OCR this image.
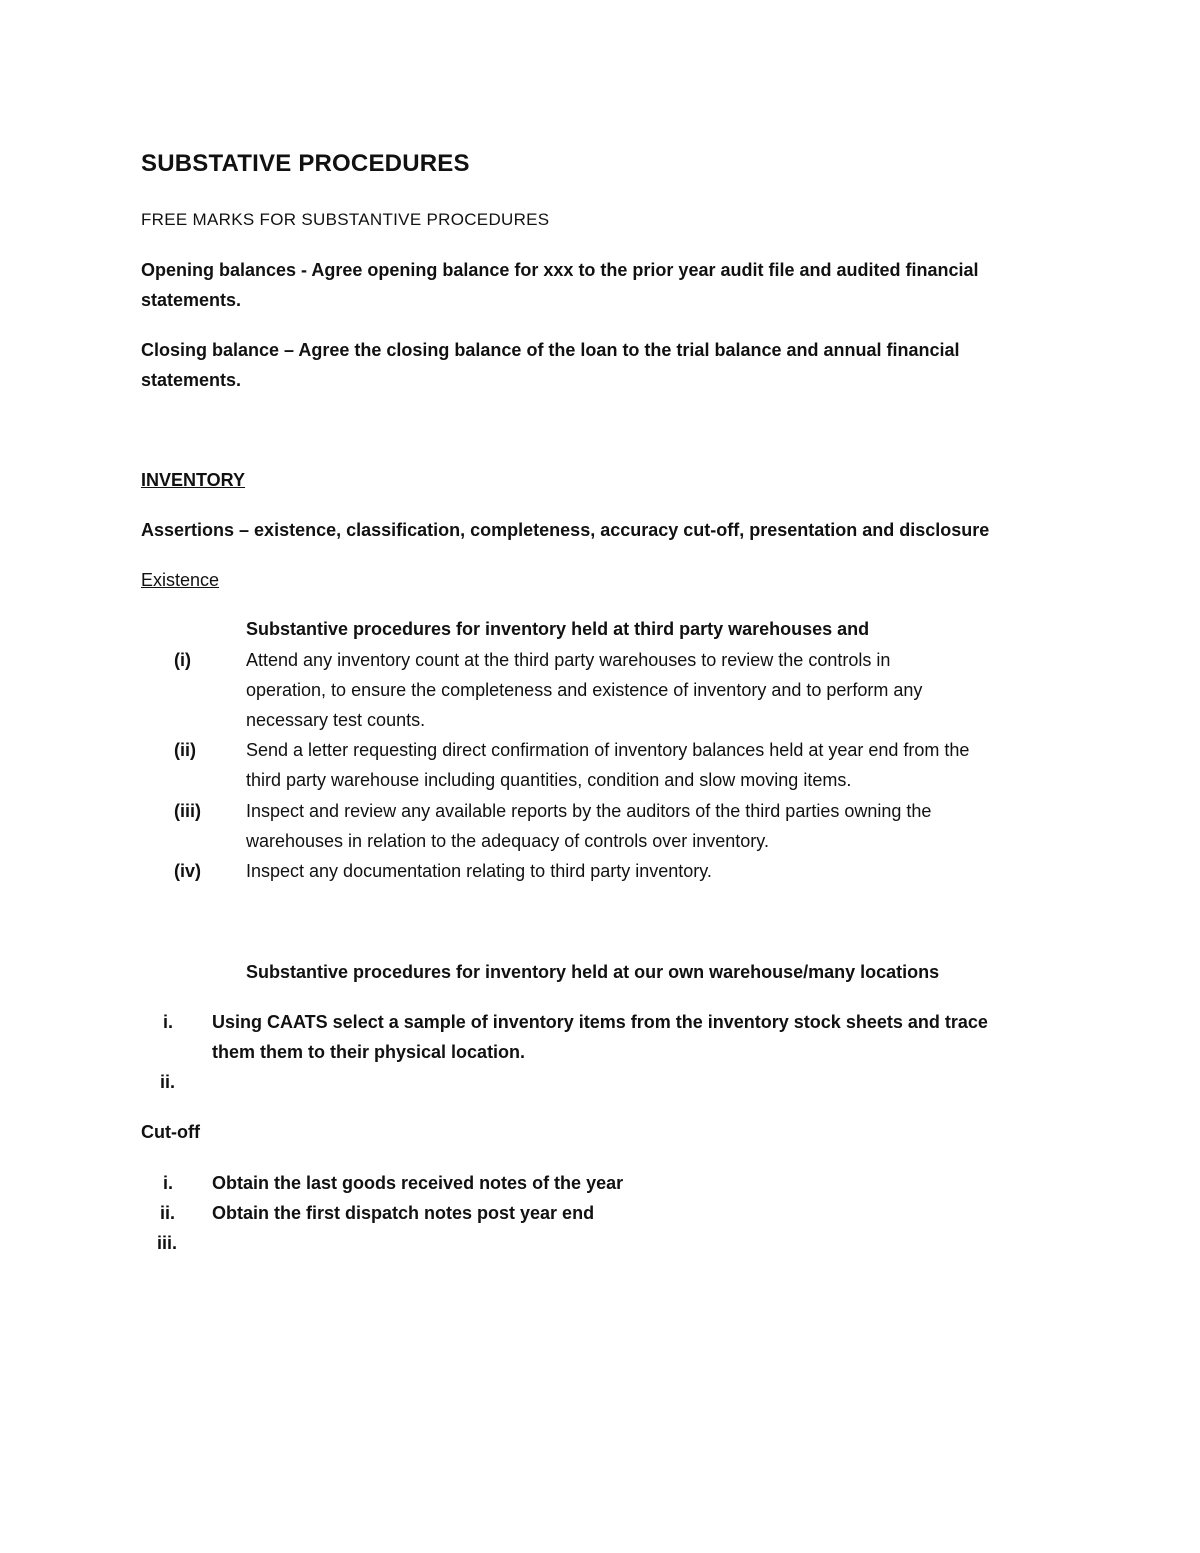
SUBSTATIVE PROCEDURES
FREE MARKS FOR SUBSTANTIVE PROCEDURES
Opening balances - Agree opening balance for xxx to the prior year audit file and audited financial
statements.
Closing balance – Agree the closing balance of the loan to the trial balance and annual financial
statements.
INVENTORY
Assertions – existence, classification, completeness, accuracy cut-off, presentation and disclosure
Existence
Substantive procedures for inventory held at third party warehouses and
(i)	Attend any inventory count at the third party warehouses to review the controls in
operation, to ensure the completeness and existence of inventory and to perform any
necessary test counts.
(ii)	Send a letter requesting direct confirmation of inventory balances held at year end from the
third party warehouse including quantities, condition and slow moving items.
(iii)	Inspect and review any available reports by the auditors of the third parties owning the
warehouses in relation to the adequacy of controls over inventory.
(iv)	Inspect any documentation relating to third party inventory.
Substantive procedures for inventory held at our own warehouse/many locations
i. Using CAATS select a sample of inventory items from the inventory stock sheets and trace
them them to their physical location.
ii.
Cut-off
i. Obtain the last goods received notes of the year
ii. Obtain the first dispatch notes post year end
iii.
